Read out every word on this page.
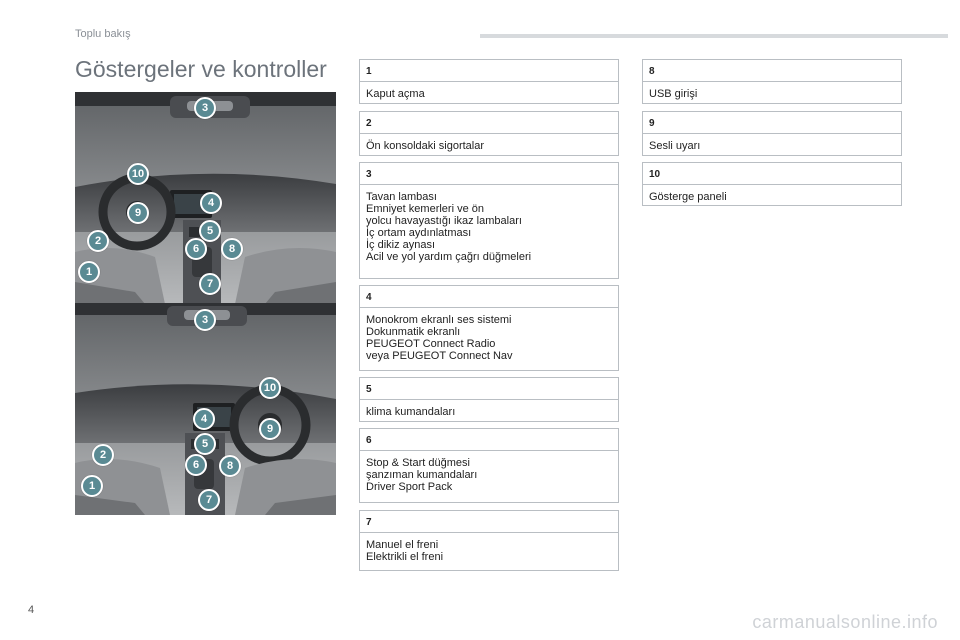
Toplu bakış
Göstergeler ve kontroller
3
10
4
9
5
2
6	8
1
7
3
10
4
9
5
2
6	8
1
7
1
Kaput açma
2
Ön konsoldaki sigortalar
3
Tavan lambası
Emniyet kemerleri ve ön
yolcu havayastığı ikaz lambaları
İç ortam aydınlatması
İç dikiz aynası
Acil ve yol yardım çağrı düğmeleri
4
Monokrom ekranlı ses sistemi
Dokunmatik ekranlı
PEUGEOT Connect Radio
veya PEUGEOT Connect Nav
5
klima kumandaları
6
Stop & Start düğmesi
şanzıman kumandaları
Driver Sport Pack
7
Manuel el freni
Elektrikli el freni
8
USB girişi
9
Sesli uyarı
10
Gösterge paneli
4
carmanualsonline.info
